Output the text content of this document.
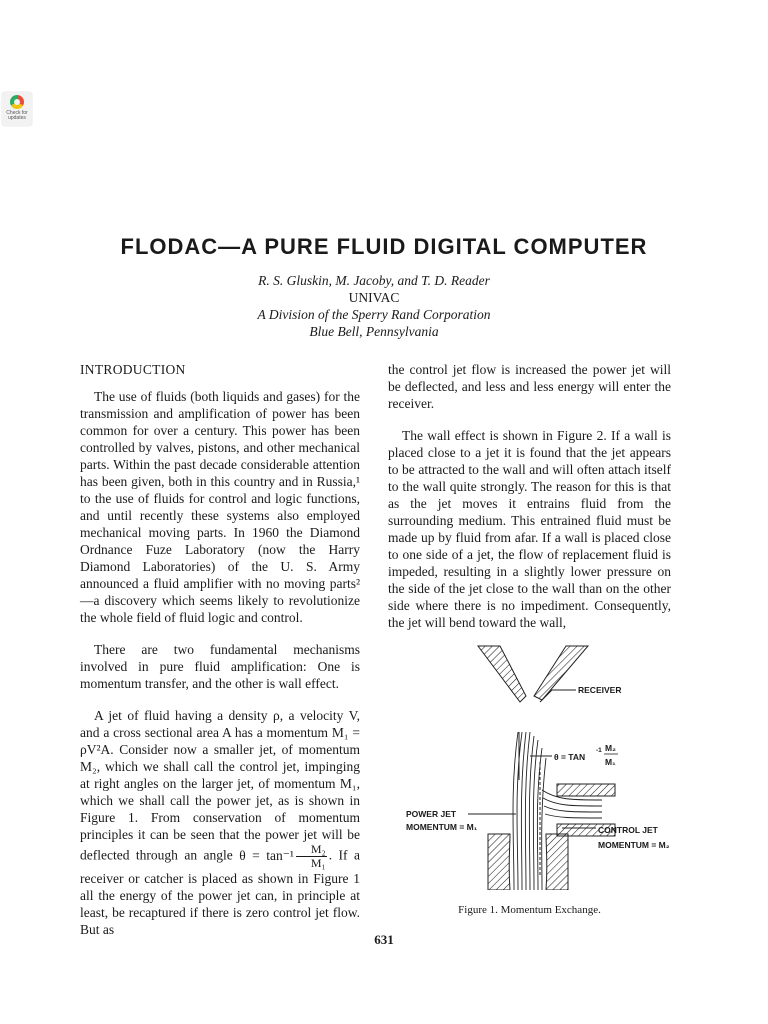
Check for
updates
FLODAC—A PURE FLUID DIGITAL COMPUTER
R. S. Gluskin, M. Jacoby, and T. D. Reader
UNIVAC
A Division of the Sperry Rand Corporation
Blue Bell, Pennsylvania
INTRODUCTION

The use of fluids (both liquids and gases) for the transmission and amplification of power has been common for over a century. This power has been controlled by valves, pistons, and other mechanical parts. Within the past decade considerable attention has been given, both in this country and in Russia,¹ to the use of fluids for control and logic functions, and until recently these systems also employed mechanical moving parts. In 1960 the Diamond Ordnance Fuze Laboratory (now the Harry Diamond Laboratories) of the U. S. Army announced a fluid amplifier with no moving parts²—a discovery which seems likely to revolutionize the whole field of fluid logic and control.

There are two fundamental mechanisms involved in pure fluid amplification: One is momentum transfer, and the other is wall effect.

A jet of fluid having a density ρ, a velocity V, and a cross sectional area A has a momentum M₁ = ρV²A. Consider now a smaller jet, of momentum M₂, which we shall call the control jet, impinging at right angles on the larger jet, of momentum M₁, which we shall call the power jet, as is shown in Figure 1. From conservation of momentum principles it can be seen that the power jet will be deflected through an angle $\theta = \tan^{-1} \frac{\text{M₂}}{\text{M₁}}$ . If a receiver or catcher is placed as shown in Figure 1 all the energy of the power jet can, in principle at least, be recaptured if there is zero control jet flow. But as

the control jet flow is increased the power jet will be deflected, and less and less energy will enter the receiver.

The wall effect is shown in Figure 2. If a wall is placed close to a jet it is found that the jet appears to be attracted to the wall and will often attach itself to the wall quite strongly. The reason for this is that as the jet moves it entrains fluid from the surrounding medium. This entrained fluid must be made up by fluid from afar. If a wall is placed close to one side of a jet, the flow of replacement fluid is impeded, resulting in a slightly lower pressure on the side of the jet close to the wall than on the other side where there is no impediment. Consequently, the jet will bend toward the wall,

RECEIVER
θ = TAN
-1 M₂
M₁
POWER JET
MOMENTUM = M₁	CONTROL JET
MOMENTUM = M₂
Figure 1. Momentum Exchange.
631
